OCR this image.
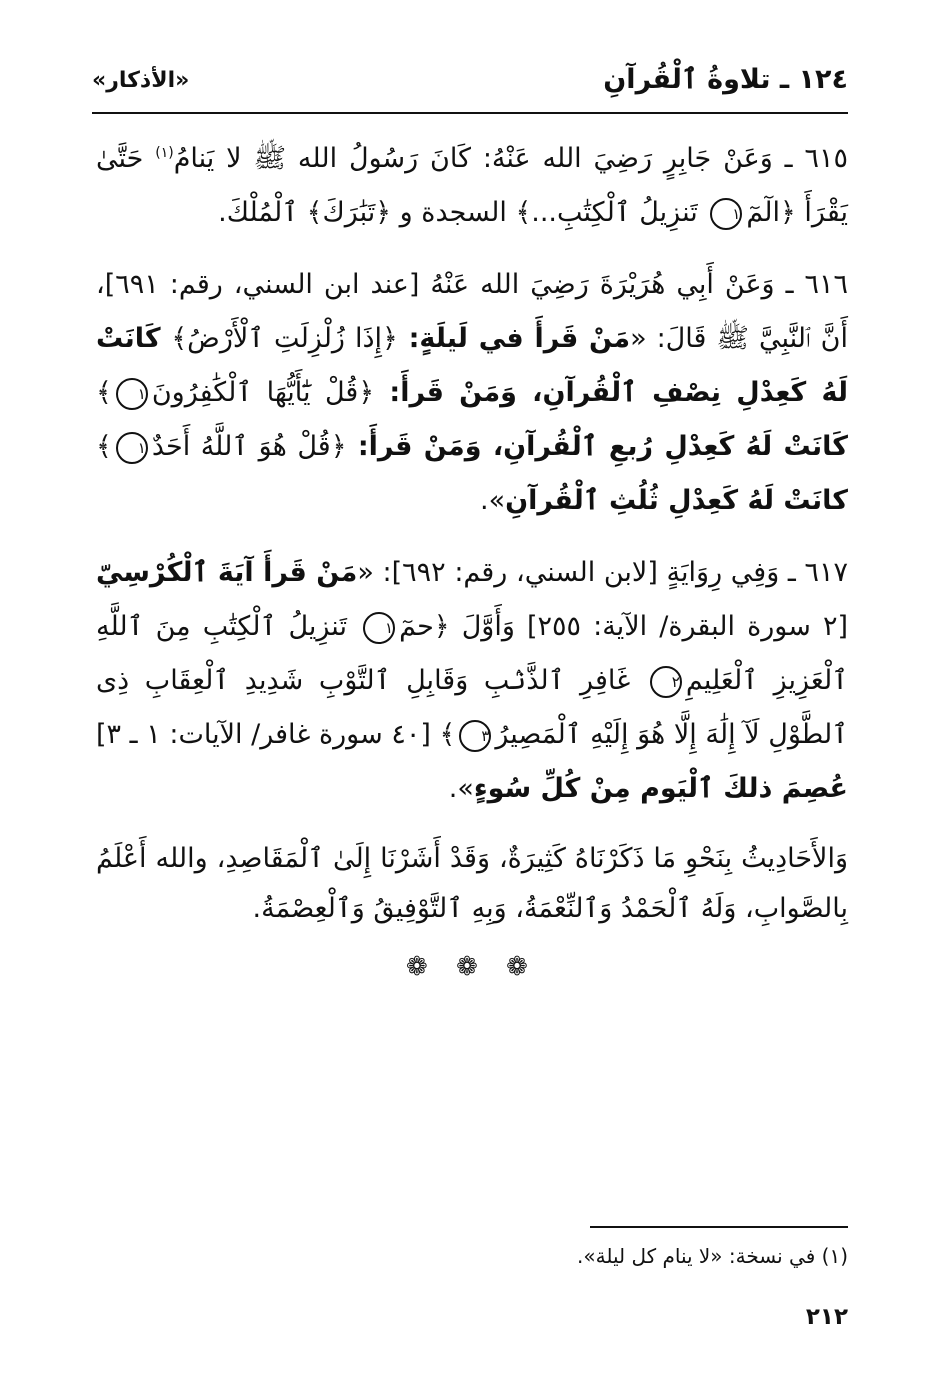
١٢٤ ـ تلاوةُ ٱلْقُرآنِ
«الأذكار»

٦١٥ ـ وَعَنْ جَابِرٍ رَضِيَ الله عَنْهُ: كَانَ رَسُولُ الله ﷺ لا يَنامُ$^{(١)}$ حَتَّىٰ يَقْرَأَ ﴿الٓمٓ١ تَنزِيلُ ٱلْكِتَٰبِ...﴾ السجدة و ﴿تَبَٰرَكَ﴾ ٱلْمُلْكَ.

٦١٦ ـ وَعَنْ أَبِي هُرَيْرَةَ رَضِيَ الله عَنْهُ [عند ابن السني، رقم: ٦٩١]، أَنَّ ٱلنَّبِيَّ ﷺ قَالَ: «مَنْ قَرأَ في لَيلَةٍ: ﴿إِذَا زُلْزِلَتِ ٱلْأَرْضُ﴾ كَانَتْ لَهُ كَعِدْلِ نِصْفِ ٱلْقُرآنِ، وَمَنْ قَرأَ: ﴿قُلْ يَٰٓأَيُّهَا ٱلْكَٰفِرُونَ١﴾ كَانَتْ لَهُ كَعِدْلِ رُبعِ ٱلْقُرآنِ، وَمَنْ قَرأَ: ﴿قُلْ هُوَ ٱللَّهُ أَحَدٌ١﴾ كانَتْ لَهُ كَعِدْلِ ثُلُثِ ٱلْقُرآنِ».

٦١٧ ـ وَفِي رِوَايَةٍ [لابن السني، رقم: ٦٩٢]: «مَنْ قَرأَ آيَةَ ٱلْكُرْسِيّ [٢ سورة البقرة/ الآية: ٢٥٥] وَأَوَّلَ ﴿حمٓ١ تَنزِيلُ ٱلْكِتَٰبِ مِنَ ٱللَّهِ ٱلْعَزِيزِ ٱلْعَلِيمِ٢ غَافِرِ ٱلذَّنۢبِ وَقَابِلِ ٱلتَّوْبِ شَدِيدِ ٱلْعِقَابِ ذِى ٱلطَّوْلِ لَآ إِلَٰهَ إِلَّا هُوَ إِلَيْهِ ٱلْمَصِيرُ٣﴾ [٤٠ سورة غافر/ الآيات: ١ ـ ٣] عُصِمَ ذلكَ ٱلْيَوم مِنْ كُلِّ سُوءٍ».

وَالأَحَادِيثُ بِنَحْوِ مَا ذَكَرْنَاهُ كَثِيرَةٌ، وَقَدْ أَشَرْنَا إِلَىٰ ٱلْمَقَاصِدِ، والله أَعْلَمُ بِالصَّوابِ، وَلَهُ ٱلْحَمْدُ وَٱلنِّعْمَةُ، وَبِهِ ٱلتَّوْفِيقُ وَٱلْعِصْمَةُ.

❁ ❁ ❁
(١) في نسخة: «لا ينام كل ليلة».
٢١٢
